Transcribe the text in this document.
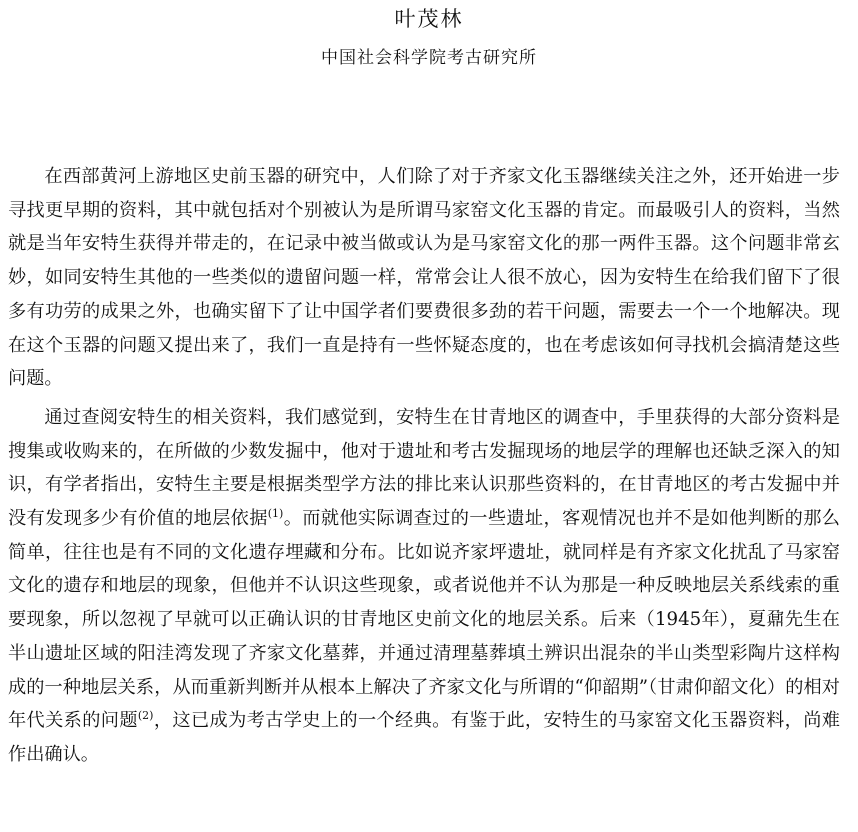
叶茂林
中国社会科学院考古研究所

在西部黄河上游地区史前玉器的研究中，人们除了对于齐家文化玉器继续关注之外，还开始进一步寻找更早期的资料，其中就包括对个别被认为是所谓马家窑文化玉器的肯定。而最吸引人的资料，当然就是当年安特生获得并带走的，在记录中被当做或认为是马家窑文化的那一两件玉器。这个问题非常玄妙，如同安特生其他的一些类似的遗留问题一样，常常会让人很不放心，因为安特生在给我们留下了很多有功劳的成果之外，也确实留下了让中国学者们要费很多劲的若干问题，需要去一个一个地解决。现在这个玉器的问题又提出来了，我们一直是持有一些怀疑态度的，也在考虑该如何寻找机会搞清楚这些问题。

通过查阅安特生的相关资料，我们感觉到，安特生在甘青地区的调查中，手里获得的大部分资料是搜集或收购来的，在所做的少数发掘中，他对于遗址和考古发掘现场的地层学的理解也还缺乏深入的知识，有学者指出，安特生主要是根据类型学方法的排比来认识那些资料的，在甘青地区的考古发掘中并没有发现多少有价值的地层依据$^{(1)}$。而就他实际调查过的一些遗址，客观情况也并不是如他判断的那么简单，往往也是有不同的文化遗存埋藏和分布。比如说齐家坪遗址，就同样是有齐家文化扰乱了马家窑文化的遗存和地层的现象，但他并不认识这些现象，或者说他并不认为那是一种反映地层关系线索的重要现象，所以忽视了早就可以正确认识的甘青地区史前文化的地层关系。后来（1945年），夏鼐先生在半山遗址区域的阳洼湾发现了齐家文化墓葬，并通过清理墓葬填土辨识出混杂的半山类型彩陶片这样构成的一种地层关系，从而重新判断并从根本上解决了齐家文化与所谓的“仰韶期”（甘肃仰韶文化）的相对年代关系的问题$^{(2)}$，这已成为考古学史上的一个经典。有鉴于此，安特生的马家窑文化玉器资料，尚难作出确认。
